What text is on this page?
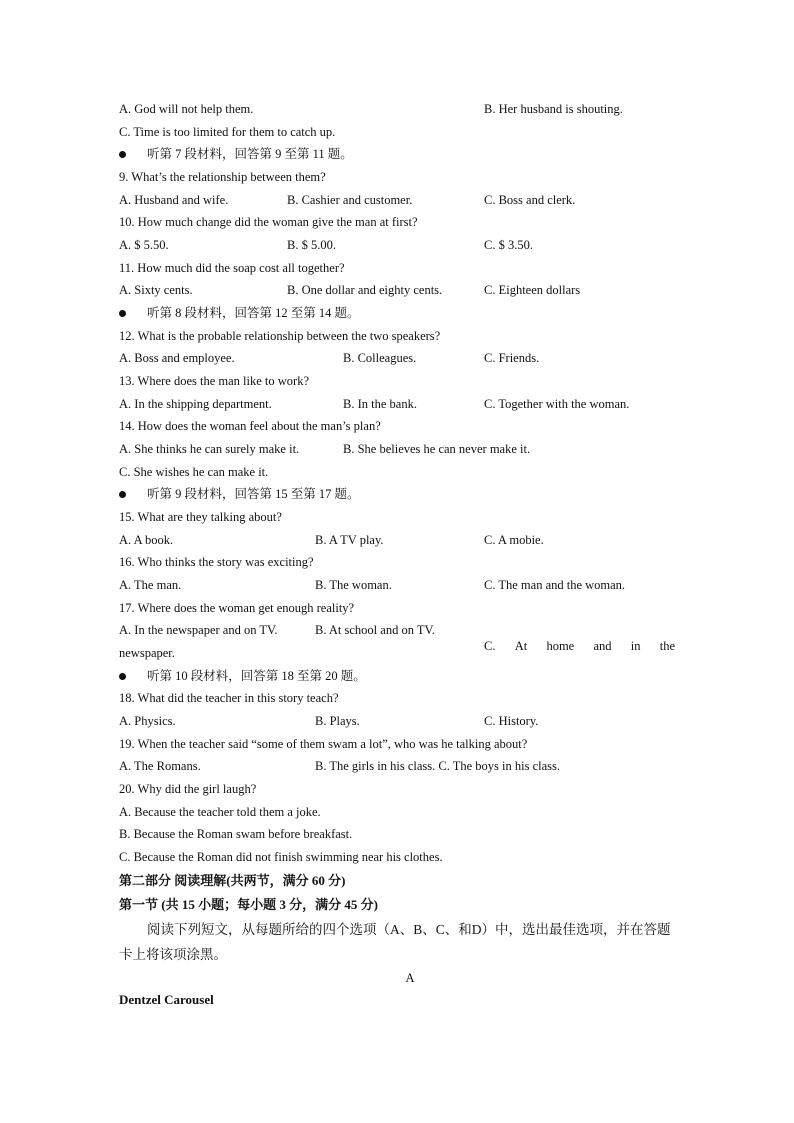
A. God will not help them.	B. Her husband is shouting.
C. Time is too limited for them to catch up.
听第 7 段材料，回答第 9 至第 11 题。
9. What’s the relationship between them?
A. Husband and wife.	B. Cashier and customer.	C. Boss and clerk.
10. How much change did the woman give the man at first?
A. $ 5.50.	B. $ 5.00.	C. $ 3.50.
11. How much did the soap cost all together?
A. Sixty cents.	B. One dollar and eighty cents.	C. Eighteen dollars
听第 8 段材料，回答第 12 至第 14 题。
12. What is the probable relationship between the two speakers?
A. Boss and employee.	B. Colleagues.	C. Friends.
13. Where does the man like to work?
A. In the shipping department.	B. In the bank.	C. Together with the woman.
14. How does the woman feel about the man’s plan?
A. She thinks he can surely make it.	B. She believes he can never make it.
C. She wishes he can make it.
听第 9 段材料，回答第 15 至第 17 题。
15. What are they talking about?
A. A book.	B. A TV play.	C. A mobie.
16. Who thinks the story was exciting?
A. The man.	B. The woman.	C. The man and the woman.
17. Where does the woman get enough reality?
A. In the newspaper and on TV.	B. At school and on TV.
C. At home and in the
newspaper.
听第 10 段材料，回答第 18 至第 20 题。
18. What did the teacher in this story teach?
A. Physics.	B. Plays.	C. History.
19. When the teacher said “some of them swam a lot”, who was he talking about?
A. The Romans.	B. The girls in his class. C. The boys in his class.
20. Why did the girl laugh?
A. Because the teacher told them a joke.
B. Because the Roman swam before breakfast.
C. Because the Roman did not finish swimming near his clothes.
第二部分 阅读理解(共两节，满分 60 分)
第一节 (共 15 小题；每小题 3 分，满分 45 分)
阅读下列短文，从每题所给的四个选项（A、B、C、和D）中，选出最佳选项，并在答题卡上将该项涂黑。
A
Dentzel Carousel
